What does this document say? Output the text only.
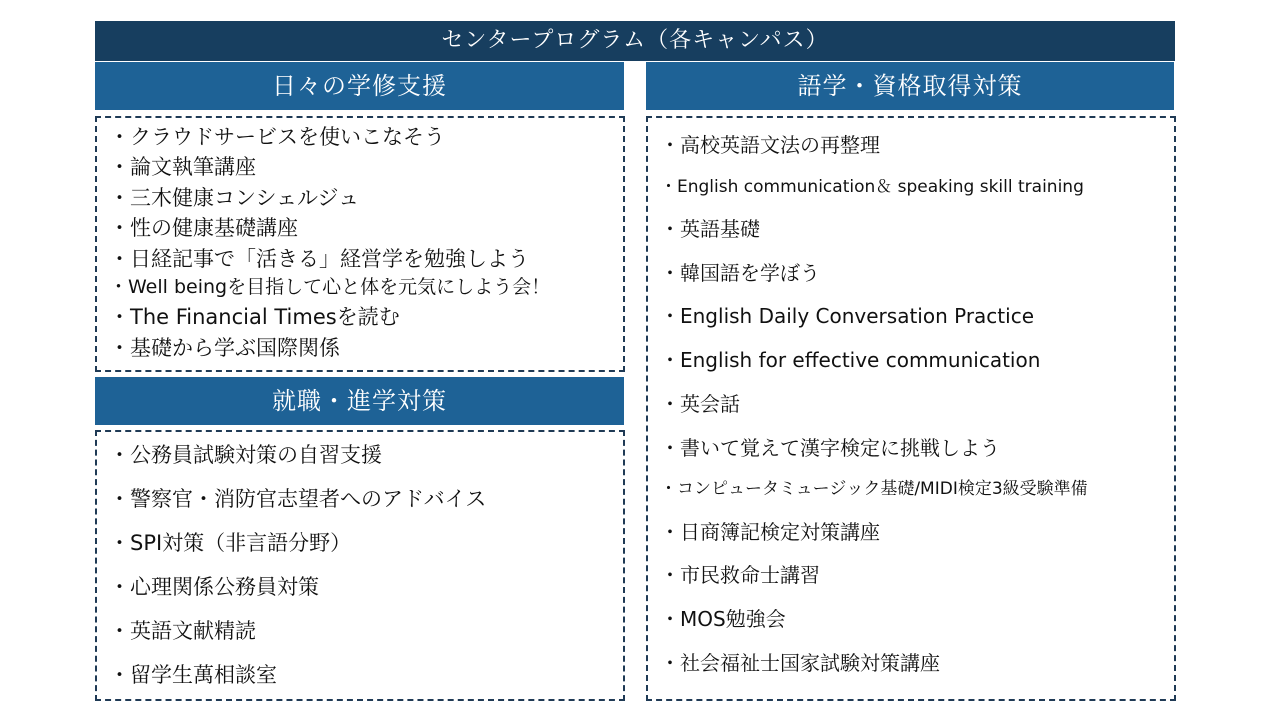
センタープログラム（各キャンパス）
日々の学修支援
・クラウドサービスを使いこなそう
・論文執筆講座
・三木健康コンシェルジュ
・性の健康基礎講座
・日経記事で「活きる」経営学を勉強しよう
・Well beingを目指して心と体を元気にしよう会！
・The Financial Timesを読む
・基礎から学ぶ国際関係
就職・進学対策
・公務員試験対策の自習支援
・警察官・消防官志望者へのアドバイス
・SPI対策（非言語分野）
・心理関係公務員対策
・英語文献精読
・留学生萬相談室
語学・資格取得対策
・高校英語文法の再整理
・English communication＆ speaking skill training
・英語基礎
・韓国語を学ぼう
・English Daily Conversation Practice
・English for effective communication
・英会話
・書いて覚えて漢字検定に挑戦しよう
・コンピュータミュージック基礎/MIDI検定3級受験準備
・日商簿記検定対策講座
・市民救命士講習
・MOS勉強会
・社会福祉士国家試験対策講座
